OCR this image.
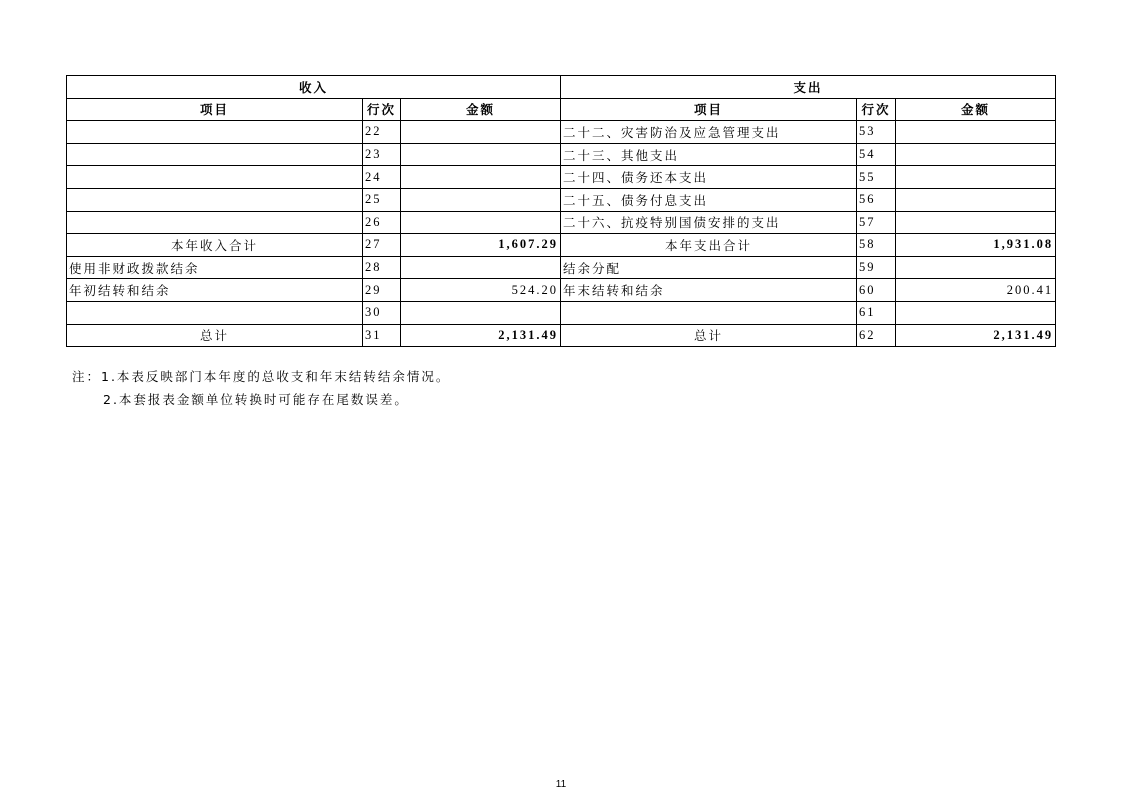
收入			支出		
项目	行次	金额	项目	行次	金额
	22		二十二、灾害防治及应急管理支出	53	
	23		二十三、其他支出	54	
	24		二十四、债务还本支出	55	
	25		二十五、债务付息支出	56	
	26		二十六、抗疫特别国债安排的支出	57	
本年收入合计	27	1,607.29	本年支出合计	58	1,931.08
使用非财政拨款结余	28		结余分配	59	
年初结转和结余	29	524.20	年末结转和结余	60	200.41
	30			61	
总计	31	2,131.49	总计	62	2,131.49
注：1.本表反映部门本年度的总收支和年末结转结余情况。
2.本套报表金额单位转换时可能存在尾数误差。
11
